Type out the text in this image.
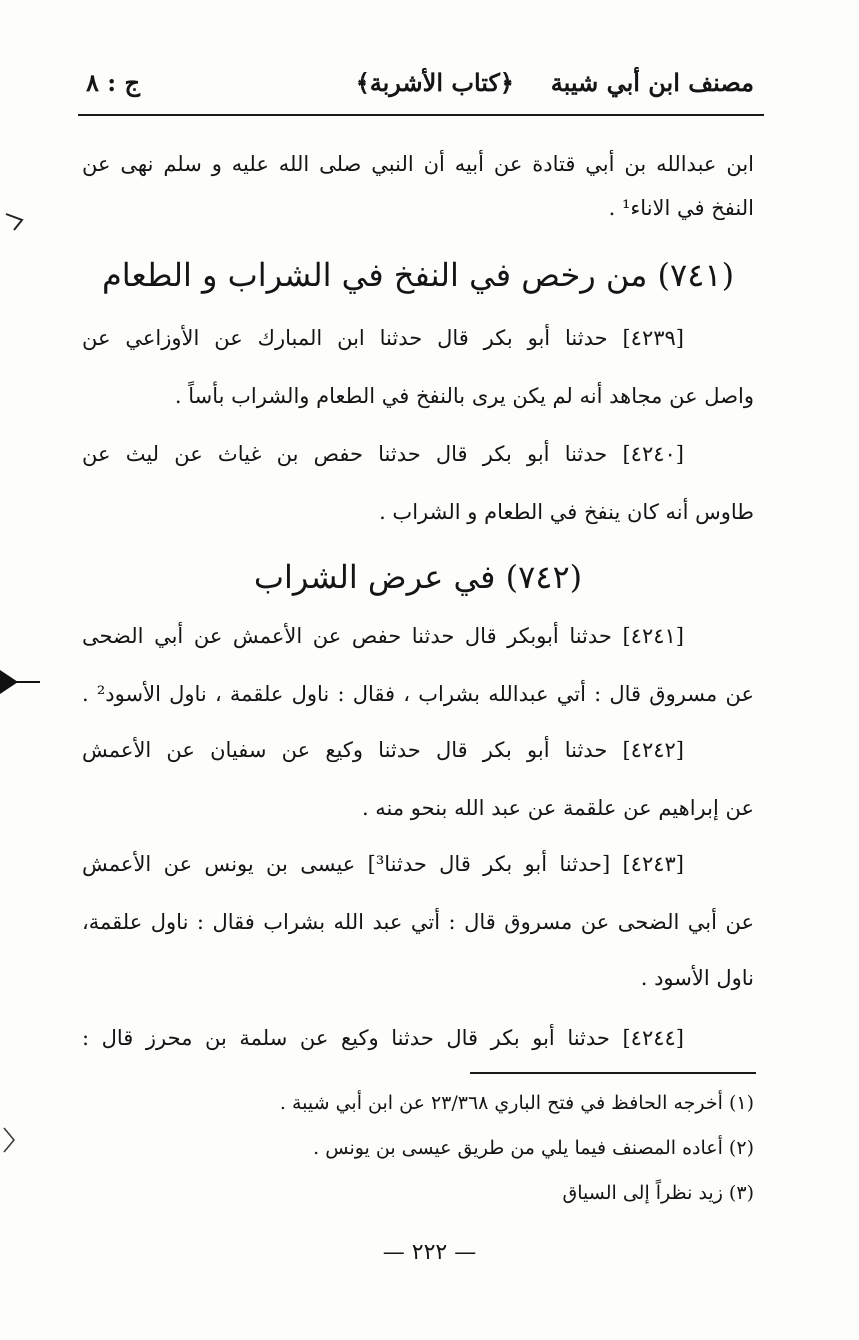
مصنف ابن أبي شيبة
﴿كتاب الأشربة﴾
ج : ٨
ابن عبدالله بن أبي قتادة عن أبيه أن النبي صلى الله عليه و سلم نهى عن
النفخ في الاناء¹ .
(٧٤١) من رخص في النفخ في الشراب و الطعام
[٤٢٣٩] حدثنا أبو بكر قال حدثنا ابن المبارك عن الأوزاعي عن
واصل عن مجاهد أنه لم يكن يرى بالنفخ في الطعام والشراب بأساً .
[٤٢٤٠] حدثنا أبو بكر قال حدثنا حفص بن غياث عن ليث عن
طاوس أنه كان ينفخ في الطعام و الشراب .
(٧٤٢) في عرض الشراب
[٤٢٤١] حدثنا أبوبكر قال حدثنا حفص عن الأعمش عن أبي الضحى
عن مسروق قال : أتي عبدالله بشراب ، فقال : ناول علقمة ، ناول الأسود² .
[٤٢٤٢] حدثنا أبو بكر قال حدثنا وكيع عن سفيان عن الأعمش
عن إبراهيم عن علقمة عن عبد الله بنحو منه .
[٤٢٤٣] [حدثنا أبو بكر قال حدثنا³] عيسى بن يونس عن الأعمش
عن أبي الضحى عن مسروق قال : أتي عبد الله بشراب فقال : ناول علقمة،
ناول الأسود .
[٤٢٤٤] حدثنا أبو بكر قال حدثنا وكيع عن سلمة بن محرز قال :
(١) أخرجه الحافظ في فتح الباري ٢٣/٣٦٨ عن ابن أبي شيبة .
(٢) أعاده المصنف فيما يلي من طريق عيسى بن يونس .
(٣) زيد نظراً إلى السياق
— ٢٢٢ —
